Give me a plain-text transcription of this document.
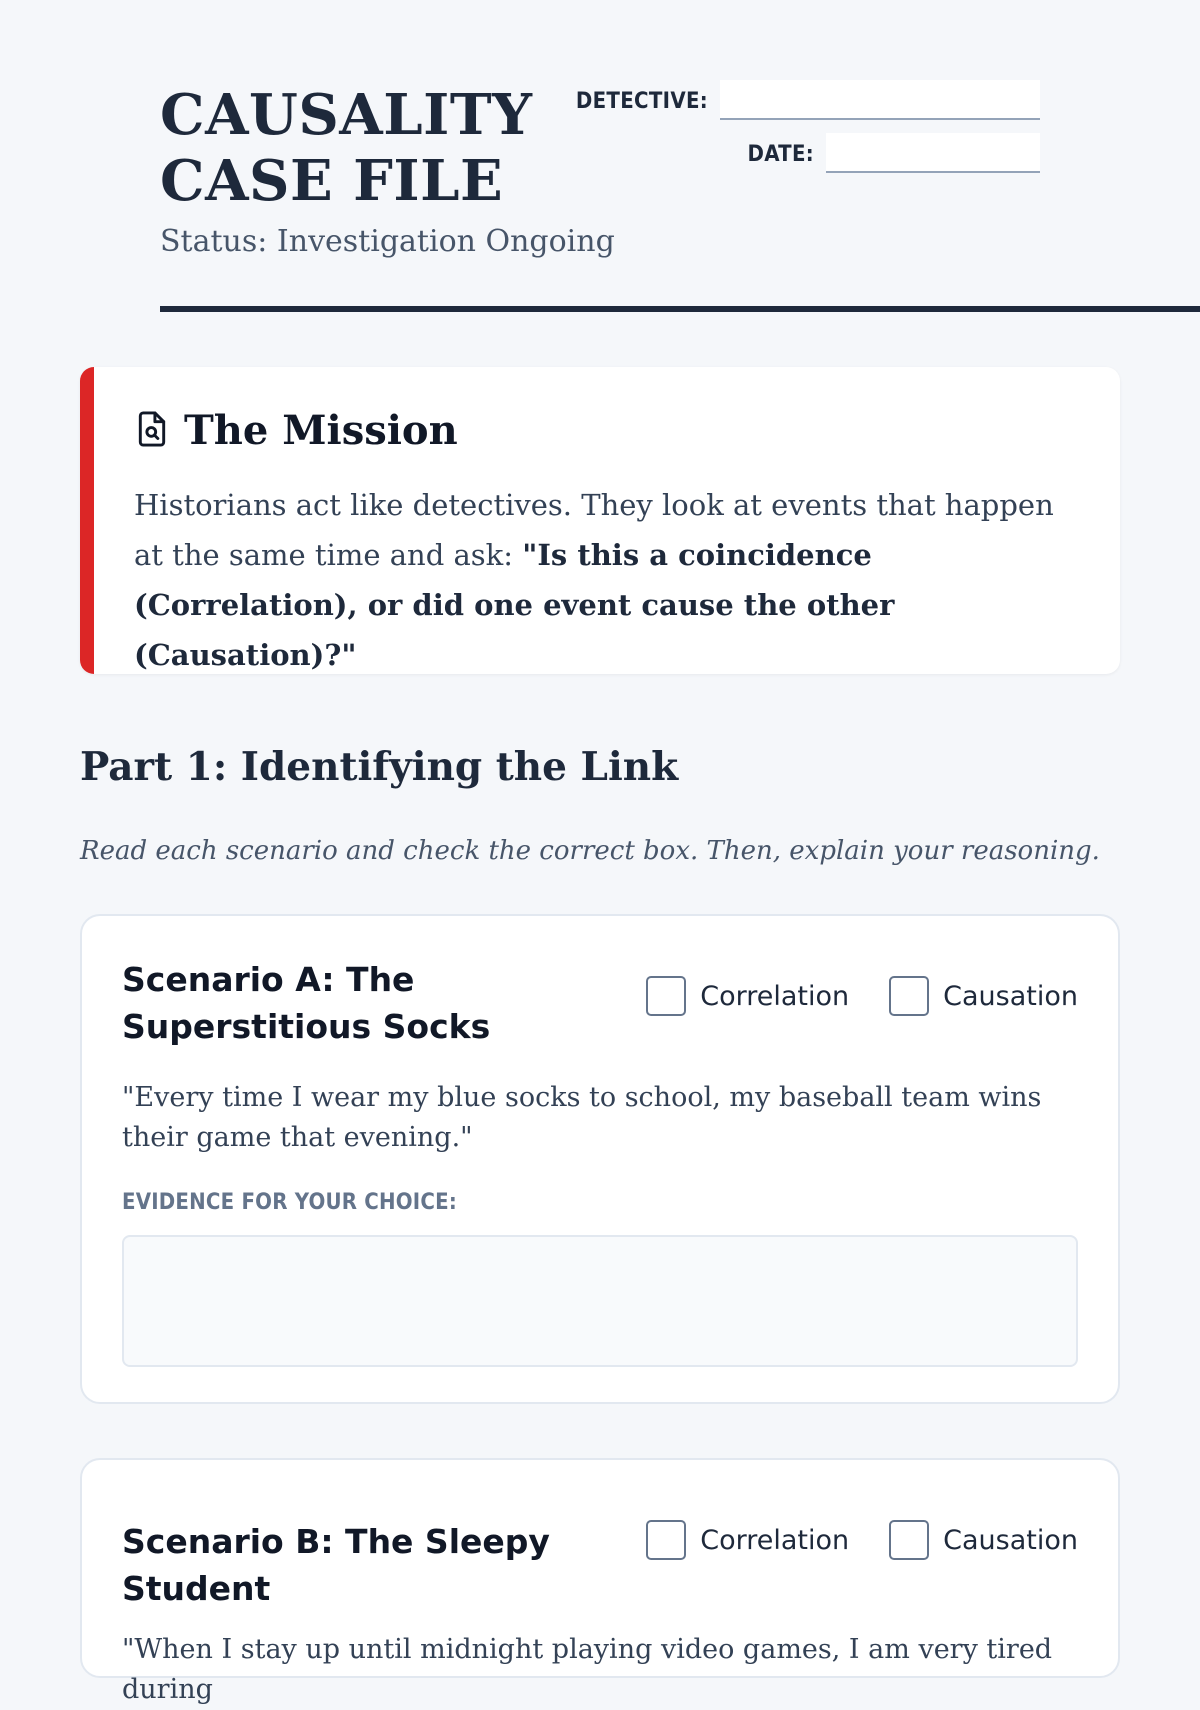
CAUSALITY CASE FILE
Status: Investigation Ongoing
DETECTIVE:
DATE:
The Mission

Historians act like detectives. They look at events that happen at the same time and ask: "Is this a coincidence (Correlation), or did one event cause the other (Causation)?"

Part 1: Identifying the Link

Read each scenario and check the correct box. Then, explain your reasoning.

Scenario A: The Superstitious Socks
Correlation	Causation

"Every time I wear my blue socks to school, my baseball team wins their game that evening."

EVIDENCE FOR YOUR CHOICE:
Scenario B: The Sleepy Student
Correlation	Causation

"When I stay up until midnight playing video games, I am very tired during
